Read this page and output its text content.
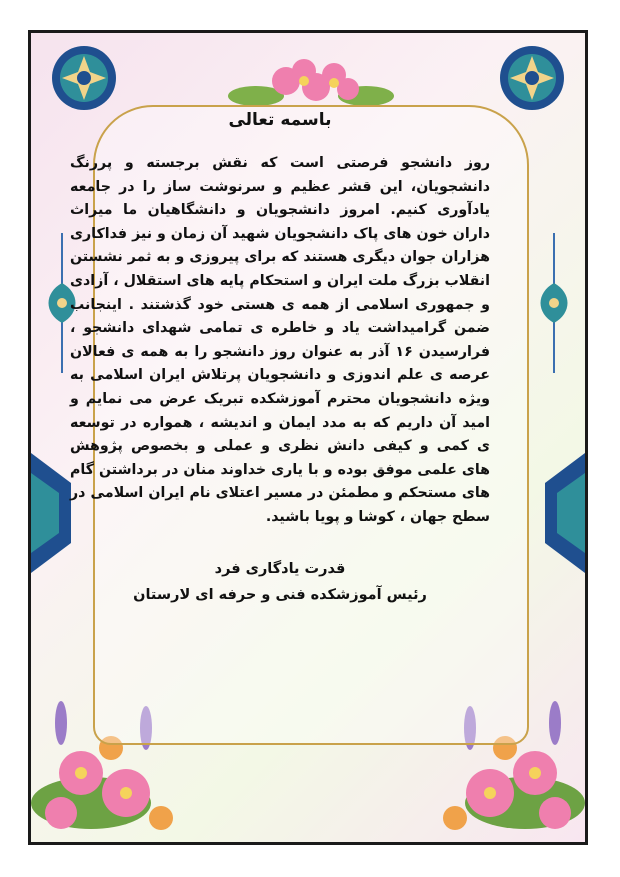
باسمه تعالی

روز دانشجو فرصتی است که نقش برجسته و پررنگ دانشجویان، این قشر عظیم و سرنوشت ساز را در جامعه یادآوری کنیم. امروز دانشجویان و دانشگاهیان ما میراث داران خون های پاک دانشجویان شهید آن زمان و نیز فداکاری هزاران جوان دیگری هستند که برای پیروزی و به ثمر نشستن انقلاب بزرگ ملت ایران و استحکام پایه های استقلال ، آزادی و جمهوری اسلامی از همه ی هستی خود گذشتند . اینجانب ضمن گرامیداشت یاد و خاطره ی تمامی شهدای دانشجو ، فرارسیدن ۱۶ آذر به عنوان روز دانشجو را به همه ی فعالان عرصه ی علم اندوزی و دانشجویان پرتلاش ایران اسلامی به ویژه دانشجویان محترم آموزشکده تبریک عرض می نمایم و امید آن داریم که به مدد ایمان و اندیشه ، همواره در توسعه ی کمی و کیفی دانش نظری و عملی و بخصوص پژوهش های علمی موفق بوده و با یاری خداوند منان در برداشتن گام های مستحکم و مطمئن در مسیر اعتلای نام ایران اسلامی در سطح جهان ، کوشا و پویا باشید.

قدرت یادگاری فرد
رئیس آموزشکده فنی و حرفه ای لارستان
